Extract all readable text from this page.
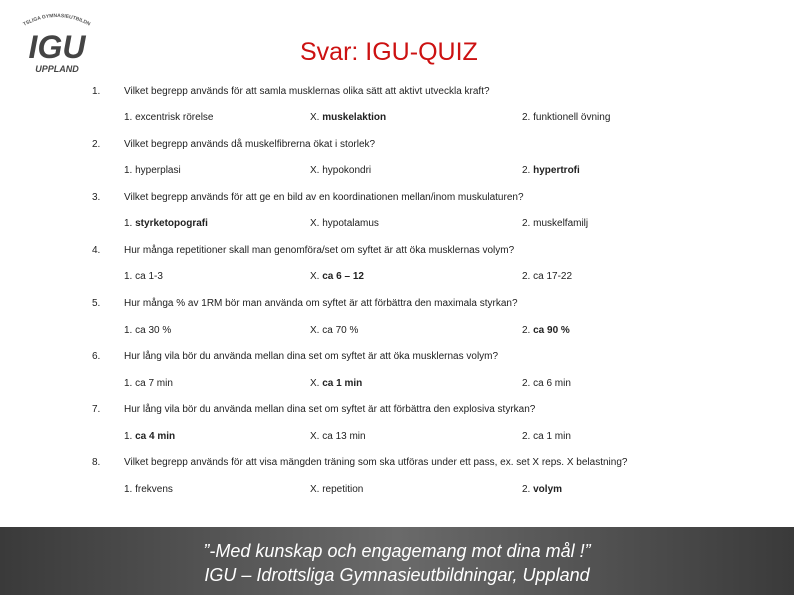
TSLIGA GYMNASIEUTBILDN
IGU
UPPLAND
Svar: IGU-QUIZ
1. Vilket begrepp används för att samla musklernas olika sätt att aktivt utveckla kraft?
1. excentrisk rörelse	X. muskelaktion	2. funktionell övning
2. Vilket begrepp används då muskelfibrerna ökat i storlek?
1. hyperplasi	X. hypokondri	2. hypertrofi
3. Vilket begrepp används för att ge en bild av en koordinationen mellan/inom muskulaturen?
1. styrketopografi	X. hypotalamus	2. muskelfamilj
4. Hur många repetitioner skall man genomföra/set om syftet är att öka musklernas volym?
1. ca 1-3	X. ca 6 – 12	2. ca 17-22
5. Hur många % av 1RM bör man använda om syftet är att förbättra den maximala styrkan?
1. ca 30 %	X. ca 70 %	2. ca 90 %
6. Hur lång vila bör du använda mellan dina set om syftet är att öka musklernas volym?
1. ca 7 min	X. ca 1 min	2. ca 6 min
7. Hur lång vila bör du använda mellan dina set om syftet är att förbättra den explosiva styrkan?
1. ca 4 min	X. ca 13 min	2. ca 1 min
8. Vilket begrepp används för att visa mängden träning som ska utföras under ett pass, ex. set X reps. X belastning?
1. frekvens	X. repetition	2. volym
”-Med kunskap och engagemang mot dina mål !”
IGU – Idrottsliga Gymnasieutbildningar, Uppland
